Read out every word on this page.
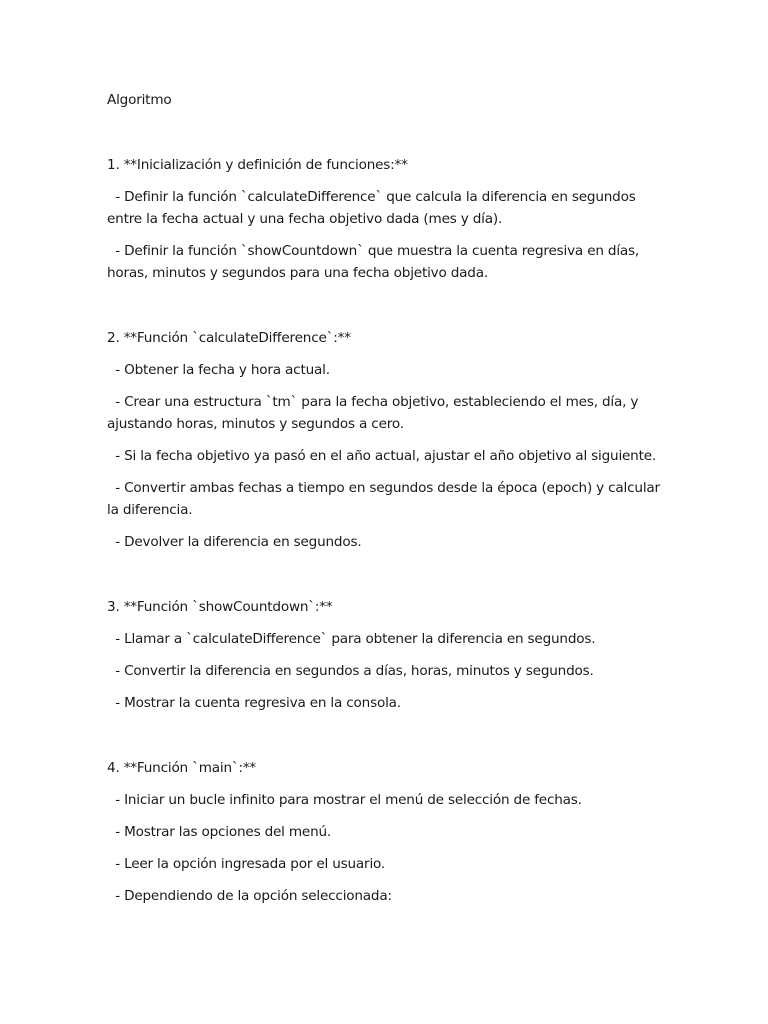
Algoritmo

1. **Inicialización y definición de funciones:**

- Definir la función `calculateDifference` que calcula la diferencia en segundos entre la fecha actual y una fecha objetivo dada (mes y día).

- Definir la función `showCountdown` que muestra la cuenta regresiva en días, horas, minutos y segundos para una fecha objetivo dada.

2. **Función `calculateDifference`:**

- Obtener la fecha y hora actual.

- Crear una estructura `tm` para la fecha objetivo, estableciendo el mes, día, y ajustando horas, minutos y segundos a cero.

- Si la fecha objetivo ya pasó en el año actual, ajustar el año objetivo al siguiente.

- Convertir ambas fechas a tiempo en segundos desde la época (epoch) y calcular la diferencia.

- Devolver la diferencia en segundos.

3. **Función `showCountdown`:**

- Llamar a `calculateDifference` para obtener la diferencia en segundos.

- Convertir la diferencia en segundos a días, horas, minutos y segundos.

- Mostrar la cuenta regresiva en la consola.

4. **Función `main`:**

- Iniciar un bucle infinito para mostrar el menú de selección de fechas.

- Mostrar las opciones del menú.

- Leer la opción ingresada por el usuario.

- Dependiendo de la opción seleccionada:
